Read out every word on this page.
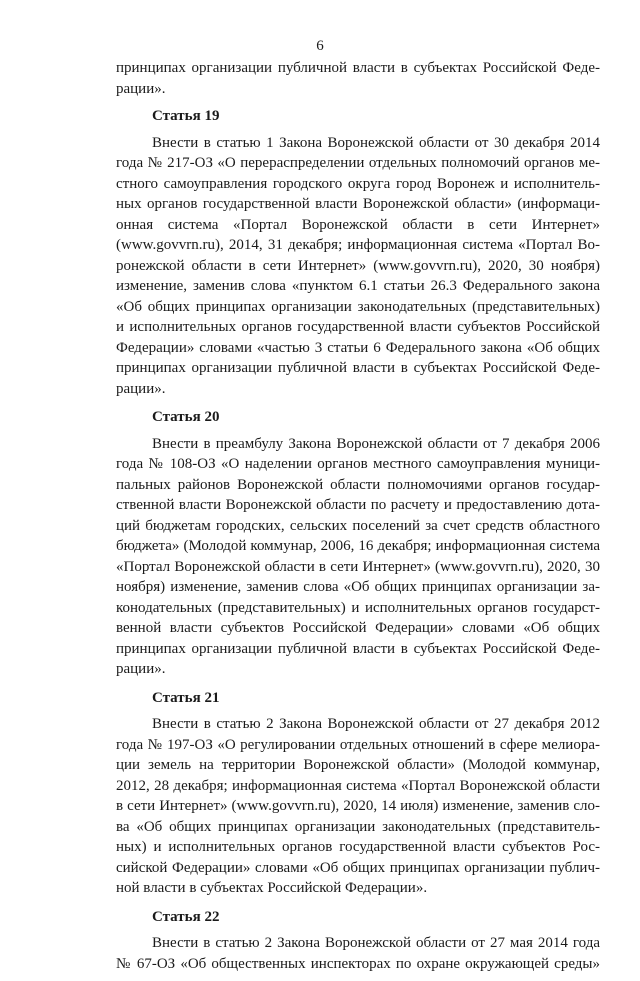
6
принципах организации публичной власти в субъектах Российской Феде-
рации».
Статья 19
Внести в статью 1 Закона Воронежской области от 30 декабря 2014
года № 217-ОЗ «О перераспределении отдельных полномочий органов ме-
стного самоуправления городского округа город Воронеж и исполнитель-
ных органов государственной власти Воронежской области» (информаци-
онная система «Портал Воронежской области в сети Интернет»
(www.govvrn.ru), 2014, 31 декабря; информационная система «Портал Во-
ронежской области в сети Интернет» (www.govvrn.ru), 2020, 30 ноября)
изменение, заменив слова «пунктом 6.1 статьи 26.3 Федерального закона
«Об общих принципах организации законодательных (представительных)
и исполнительных органов государственной власти субъектов Российской
Федерации» словами «частью 3 статьи 6 Федерального закона «Об общих
принципах организации публичной власти в субъектах Российской Феде-
рации».
Статья 20
Внести в преамбулу Закона Воронежской области от 7 декабря 2006
года № 108-ОЗ «О наделении органов местного самоуправления муници-
пальных районов Воронежской области полномочиями органов государ-
ственной власти Воронежской области по расчету и предоставлению дота-
ций бюджетам городских, сельских поселений за счет средств областного
бюджета» (Молодой коммунар, 2006, 16 декабря; информационная система
«Портал Воронежской области в сети Интернет» (www.govvrn.ru), 2020, 30
ноября) изменение, заменив слова «Об общих принципах организации за-
конодательных (представительных) и исполнительных органов государст-
венной власти субъектов Российской Федерации» словами «Об общих
принципах организации публичной власти в субъектах Российской Феде-
рации».
Статья 21
Внести в статью 2 Закона Воронежской области от 27 декабря 2012
года № 197-ОЗ «О регулировании отдельных отношений в сфере мелиора-
ции земель на территории Воронежской области» (Молодой коммунар,
2012, 28 декабря; информационная система «Портал Воронежской области
в сети Интернет» (www.govvrn.ru), 2020, 14 июля) изменение, заменив сло-
ва «Об общих принципах организации законодательных (представитель-
ных) и исполнительных органов государственной власти субъектов Рос-
сийской Федерации» словами «Об общих принципах организации публич-
ной власти в субъектах Российской Федерации».
Статья 22
Внести в статью 2 Закона Воронежской области от 27 мая 2014 года
№ 67-ОЗ «Об общественных инспекторах по охране окружающей среды»
